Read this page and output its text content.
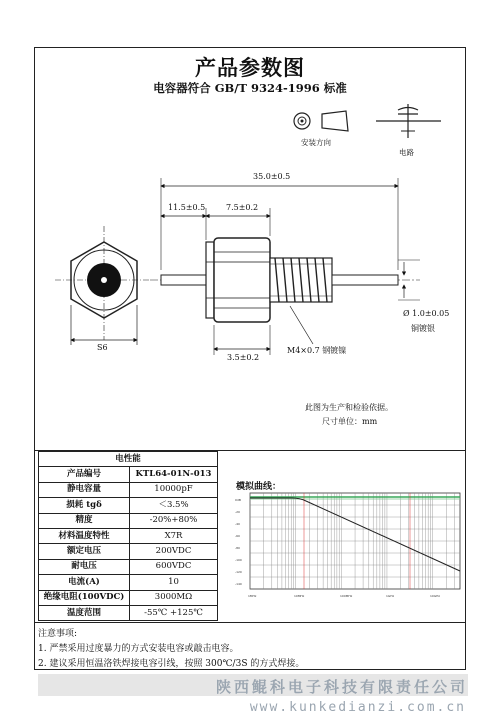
产品参数图
电容器符合 GB/T 9324-1996 标准
安装方向
电路
35.0±0.5
11.5±0.5	7.5±0.2
S6
3.5±0.2
M4×0.7 钢镀镍
Ø 1.0±0.05
铜镀银
此图为生产和检验依据。
尺寸单位：mm
电性能	
产品编号	KTL64-01N-013
静电容量	10000pF
损耗 tgδ	＜3.5%
精度	-20%+80%
材料温度特性	X7R
额定电压	200VDC
耐电压	600VDC
电流(A)	10
绝缘电阻(100VDC)	3000MΩ
温度范围	-55℃ +125℃
模拟曲线：
0dB
-20
-40
-60
-80
-100
-120
-140
1MHz	10MHz	100MHz	1GHz	10GHz
注意事项:
1. 严禁采用过度暴力的方式安装电容或敲击电容。
2. 建议采用恒温洛铁焊接电容引线，按照 300℃/3S 的方式焊接。
陕西鲲科电子科技有限责任公司
www.kunkedianzi.com.cn
